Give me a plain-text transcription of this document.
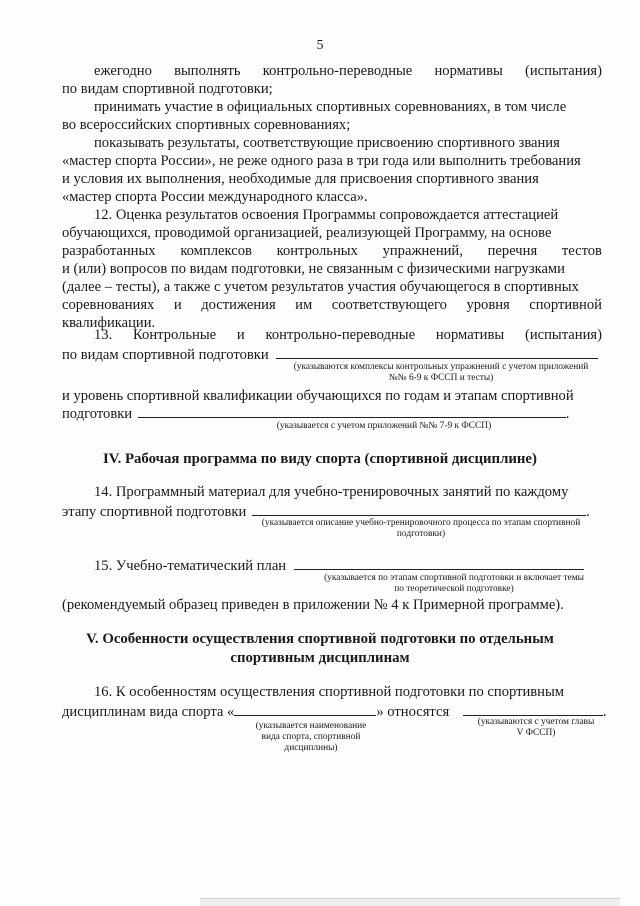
5
ежегодно выполнять контрольно-переводные нормативы (испытания)
по видам спортивной подготовки;
принимать участие в официальных спортивных соревнованиях, в том числе
во всероссийских спортивных соревнованиях;
показывать результаты, соответствующие присвоению спортивного звания
«мастер спорта России», не реже одного раза в три года или выполнить требования
и условия их выполнения, необходимые для присвоения спортивного звания
«мастер спорта России международного класса».
12. Оценка результатов освоения Программы сопровождается аттестацией
обучающихся, проводимой организацией, реализующей Программу, на основе
разработанных комплексов контрольных упражнений, перечня тестов
и (или) вопросов по видам подготовки, не связанным с физическими нагрузками
(далее – тесты), а также с учетом результатов участия обучающегося в спортивных
соревнованиях и достижения им соответствующего уровня спортивной
квалификации.
13. Контрольные и контрольно-переводные нормативы (испытания)
по видам спортивной подготовки
(указываются комплексы контрольных упражнений с учетом приложений
№№ 6-9 к ФССП и тесты)
и уровень спортивной квалификации обучающихся по годам и этапам спортивной
подготовки	.
(указывается с учетом приложений №№ 7-9 к ФССП)
IV. Рабочая программа по виду спорта (спортивной дисциплине)
14. Программный материал для учебно-тренировочных занятий по каждому
этапу спортивной подготовки	.
(указывается описание учебно-тренировочного процесса по этапам спортивной
подготовки)
15. Учебно-тематический план
(указывается по этапам спортивной подготовки и включает темы
по теоретической подготовке)
(рекомендуемый образец приведен в приложении № 4 к Примерной программе).
V. Особенности осуществления спортивной подготовки по отдельным
спортивным дисциплинам
16. К особенностям осуществления спортивной подготовки по спортивным
дисциплинам вида спорта «	» относятся	.
(указывается наименование
вида спорта, спортивной
дисциплины)
(указываются с учетом главы
V ФССП)
